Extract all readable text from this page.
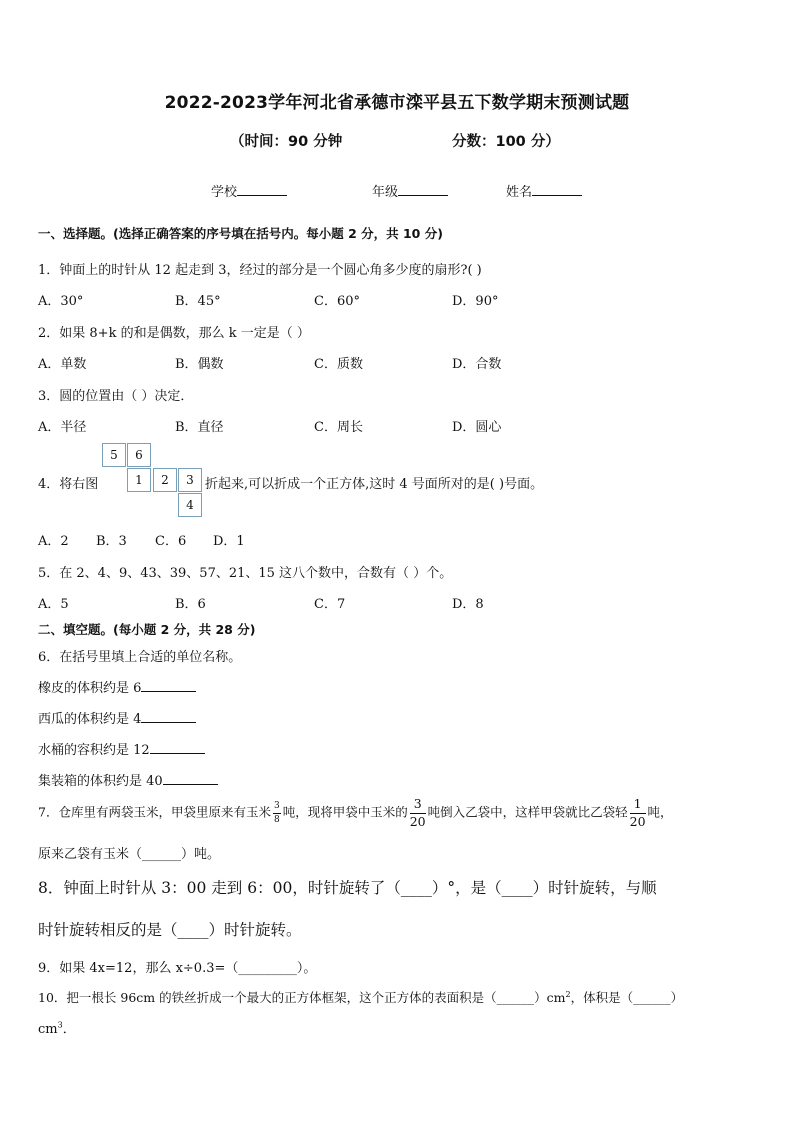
2022-2023学年河北省承德市滦平县五下数学期末预测试题
（时间：90 分钟	分数：100 分）
学校	年级	姓名
一、选择题。(选择正确答案的序号填在括号内。每小题 2 分，共 10 分)
1．钟面上的时针从 12 起走到 3，经过的部分是一个圆心角多少度的扇形?( )
A．30°	B．45°	C．60°	D．90°
2．如果 8+k 的和是偶数，那么 k 一定是（ ）
A．单数	B．偶数	C．质数	D．合数
3．圆的位置由（ ）决定．
A．半径	B．直径	C．周长	D．圆心
4．将右图
5	6
1	2	3
4
折起来,可以折成一个正方体,这时 4 号面所对的是( )号面。
A．2 B．3 C．6 D．1
5．在 2、4、9、43、39、57、21、15 这八个数中，合数有（ ）个。
A．5	B．6	C．7	D．8
二、填空题。(每小题 2 分，共 28 分)
6．在括号里填上合适的单位名称。
橡皮的体积约是 6
西瓜的体积约是 4
水桶的容积约是 12
集装箱的体积约是 40
7．仓库里有两袋玉米，甲袋里原来有玉米 $\frac{3}{8}$ 吨，现将甲袋中玉米的 $\frac{3}{20}$ 吨倒入乙袋中，这样甲袋就比乙袋轻 $\frac{1}{20}$ 吨，
原来乙袋有玉米（______）吨。
8．钟面上时针从 3：00 走到 6：00，时针旋转了（____）°，是（____）时针旋转，与顺
时针旋转相反的是（____）时针旋转。
9．如果 4x=12，那么 x÷0.3=（_________）。
10．把一根长 96cm 的铁丝折成一个最大的正方体框架，这个正方体的表面积是$(\_\_\_\_\_\_)cm^2$，体积是（______）
$cm^3$．
